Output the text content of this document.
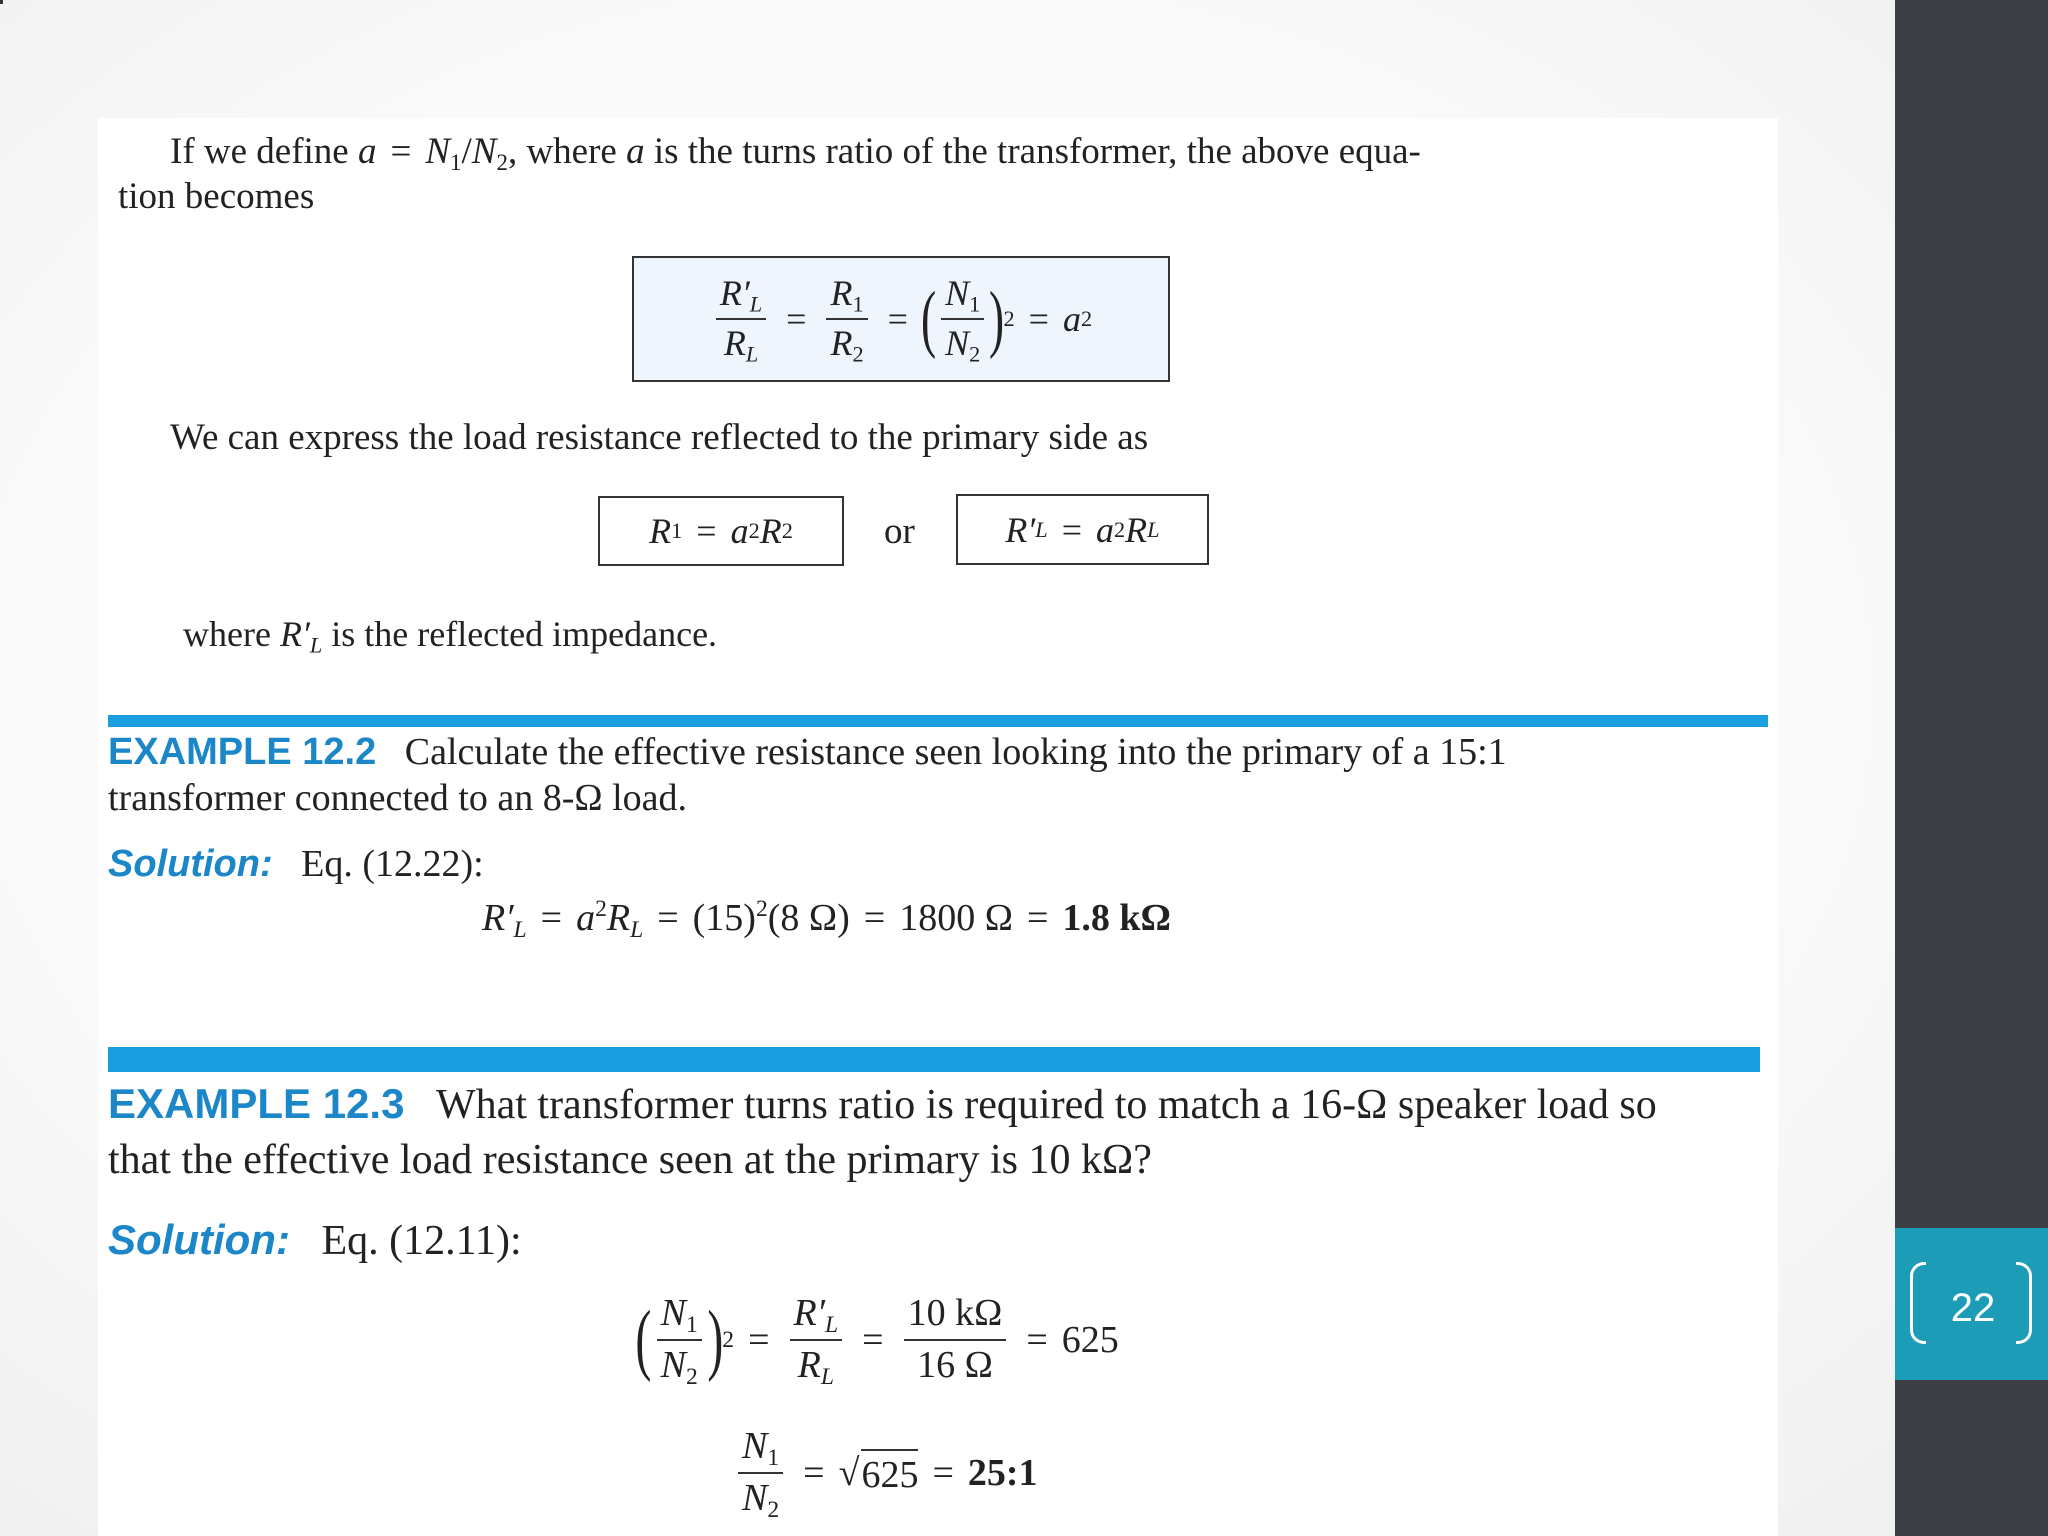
22
If we define $a = N_1/N_2$, where a is the turns ratio of the transformer, the above equa-
tion becomes
$\frac{R'_L}{R_L} = \frac{R_1}{R_2}$ = ( $\frac{N_1}{N_2}$ ) 2 = a 2
We can express the load resistance reflected to the primary side as
R 1 = a 2 R 2 or	R′ L = a 2 R L
where $R'_L$ is the reflected impedance.
EXAMPLE 12.2 Calculate the effective resistance seen looking into the primary of a 15:1
transformer connected to an 8-Ω load.
Solution: Eq. (12.22):
$R'_L = a^2R_L = (15)^2(8$ Ω) = 1800 Ω = 1.8 kΩ
EXAMPLE 12.3 What transformer turns ratio is required to match a 16-Ω speaker load so
that the effective load resistance seen at the primary is 10 kΩ?
Solution: Eq. (12.11):
( $\frac{N_1}{N_2}$ ) $2 = \frac{R'_L}{R_L} = \frac{10 k\Omega}{16 \Omega} = 625$
$\frac{N_1}{N_2}$ = √ 625 = 25:1
